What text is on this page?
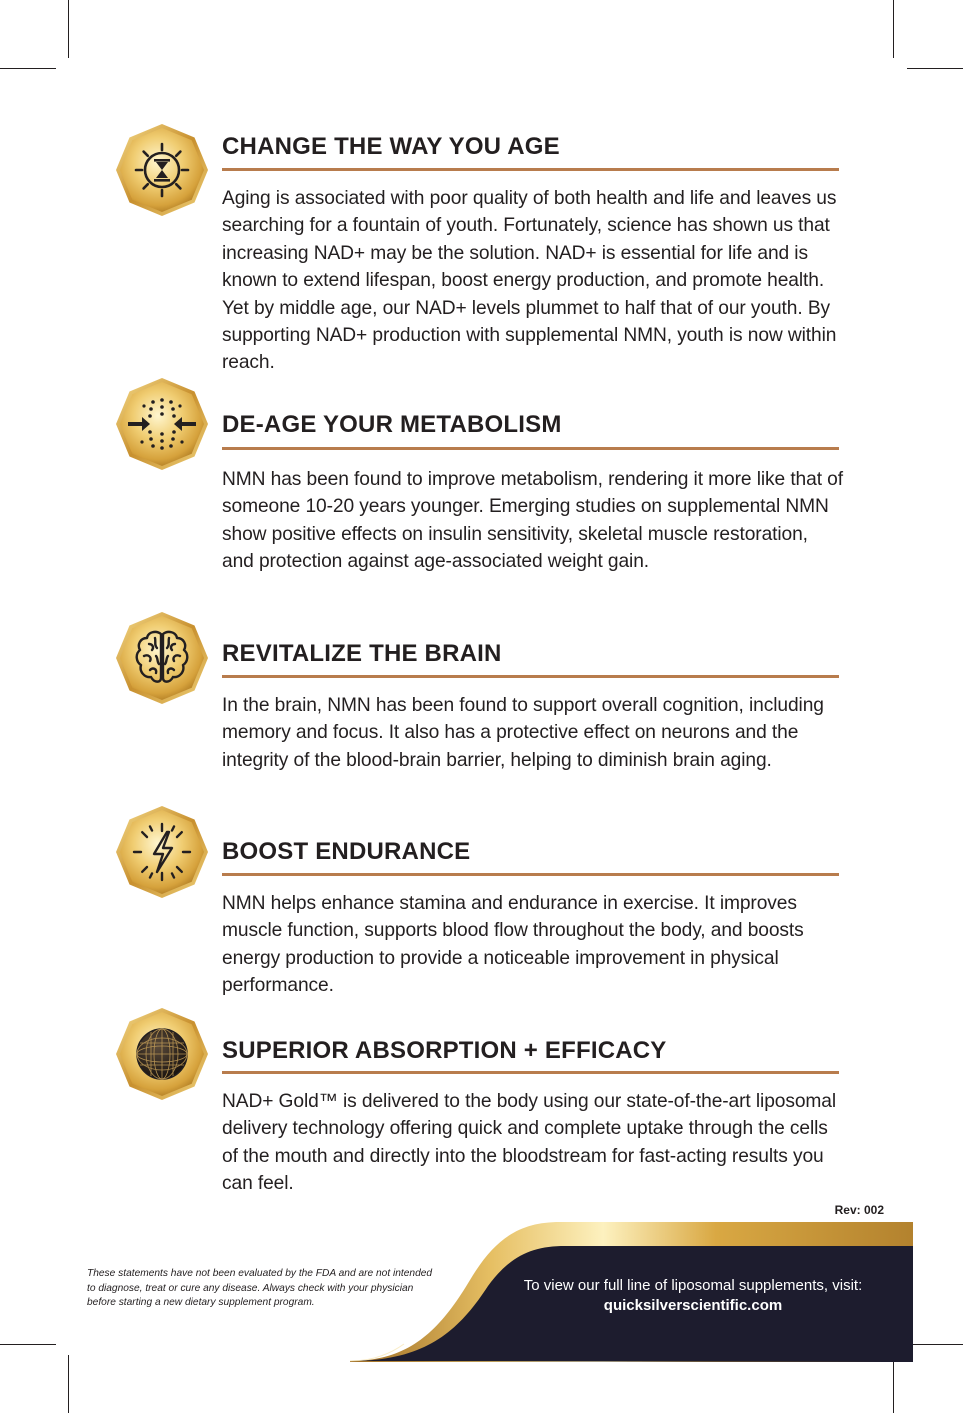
CHANGE THE WAY YOU AGE
Aging is associated with poor quality of both health and life and leaves us searching for a fountain of youth. Fortunately, science has shown us that increasing NAD+ may be the solution. NAD+ is essential for life and is known to extend lifespan, boost energy production, and promote health. Yet by middle age, our NAD+ levels plummet to half that of our youth. By supporting NAD+ production with supplemental NMN, youth is now within reach.
DE-AGE YOUR METABOLISM
NMN has been found to improve metabolism, rendering it more like that of someone 10-20 years younger. Emerging studies on supplemental NMN show positive effects on insulin sensitivity, skeletal muscle restoration, and protection against age-associated weight gain.
REVITALIZE THE BRAIN
In the brain, NMN has been found to support overall cognition, including memory and focus. It also has a protective effect on neurons and the integrity of the blood-brain barrier, helping to diminish brain aging.
BOOST ENDURANCE
NMN helps enhance stamina and endurance in exercise. It improves muscle function, supports blood flow throughout the body, and boosts energy production to provide a noticeable improvement in physical performance.
SUPERIOR ABSORPTION + EFFICACY
NAD+ Gold™ is delivered to the body using our state-of-the-art liposomal delivery technology offering quick and complete uptake through the cells of the mouth and directly into the bloodstream for fast-acting results you can feel.
Rev: 002
These statements have not been evaluated by the FDA and are not intended to diagnose, treat or cure any disease. Always check with your physician before starting a new dietary supplement program.
To view our full line of liposomal supplements, visit:
quicksilverscientific.com
